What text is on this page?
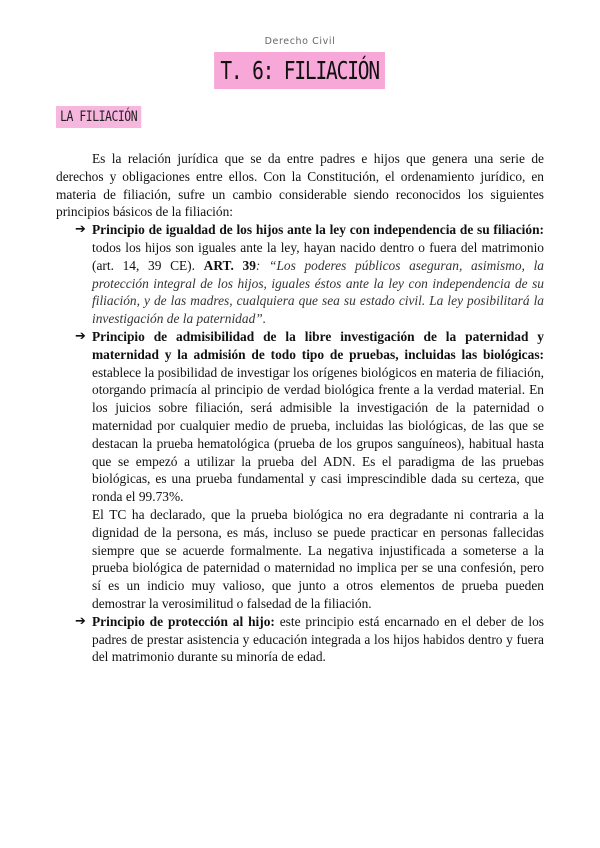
Derecho Civil
T. 6: FILIACIÓN
LA FILIACIÓN

Es la relación jurídica que se da entre padres e hijos que genera una serie de derechos y obligaciones entre ellos. Con la Constitución, el ordenamiento jurídico, en materia de filiación, sufre un cambio considerable siendo reconocidos los siguientes principios básicos de la filiación:

➔ Principio de igualdad de los hijos ante la ley con independencia de su filiación: todos los hijos son iguales ante la ley, hayan nacido dentro o fuera del matrimonio (art. 14, 39 CE). ART. 39: “Los poderes públicos aseguran, asimismo, la protección integral de los hijos, iguales éstos ante la ley con independencia de su filiación, y de las madres, cualquiera que sea su estado civil. La ley posibilitará la investigación de la paternidad”.

➔ Principio de admisibilidad de la libre investigación de la paternidad y maternidad y la admisión de todo tipo de pruebas, incluidas las biológicas: establece la posibilidad de investigar los orígenes biológicos en materia de filiación, otorgando primacía al principio de verdad biológica frente a la verdad material. En los juicios sobre filiación, será admisible la investigación de la paternidad o maternidad por cualquier medio de prueba, incluidas las biológicas, de las que se destacan la prueba hematológica (prueba de los grupos sanguíneos), habitual hasta que se empezó a utilizar la prueba del ADN. Es el paradigma de las pruebas biológicas, es una prueba fundamental y casi imprescindible dada su certeza, que ronda el 99.73%.

El TC ha declarado, que la prueba biológica no era degradante ni contraria a la dignidad de la persona, es más, incluso se puede practicar en personas fallecidas siempre que se acuerde formalmente. La negativa injustificada a someterse a la prueba biológica de paternidad o maternidad no implica per se una confesión, pero sí es un indicio muy valioso, que junto a otros elementos de prueba pueden demostrar la verosimilitud o falsedad de la filiación.

➔ Principio de protección al hijo: este principio está encarnado en el deber de los padres de prestar asistencia y educación integrada a los hijos habidos dentro y fuera del matrimonio durante su minoría de edad.
